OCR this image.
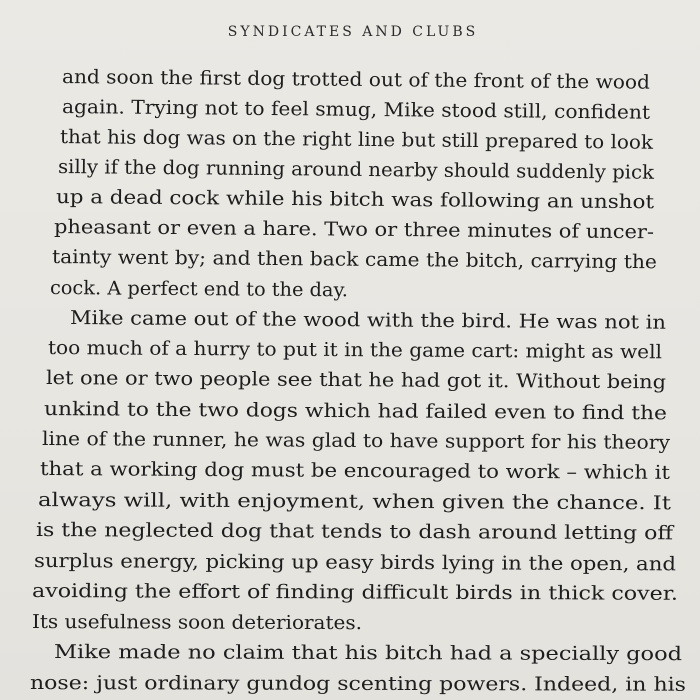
SYNDICATES AND CLUBS
and soon the first dog trotted out of the front of the wood
again. Trying not to feel smug, Mike stood still, confident
that his dog was on the right line but still prepared to look
silly if the dog running around nearby should suddenly pick
up a dead cock while his bitch was following an unshot
pheasant or even a hare. Two or three minutes of uncer-
tainty went by; and then back came the bitch, carrying the
cock. A perfect end to the day.
Mike came out of the wood with the bird. He was not in
too much of a hurry to put it in the game cart: might as well
let one or two people see that he had got it. Without being
unkind to the two dogs which had failed even to find the
line of the runner, he was glad to have support for his theory
that a working dog must be encouraged to work – which it
always will, with enjoyment, when given the chance. It
is the neglected dog that tends to dash around letting off
surplus energy, picking up easy birds lying in the open, and
avoiding the effort of finding difficult birds in thick cover.
Its usefulness soon deteriorates.
Mike made no claim that his bitch had a specially good
nose: just ordinary gundog scenting powers. Indeed, in his
